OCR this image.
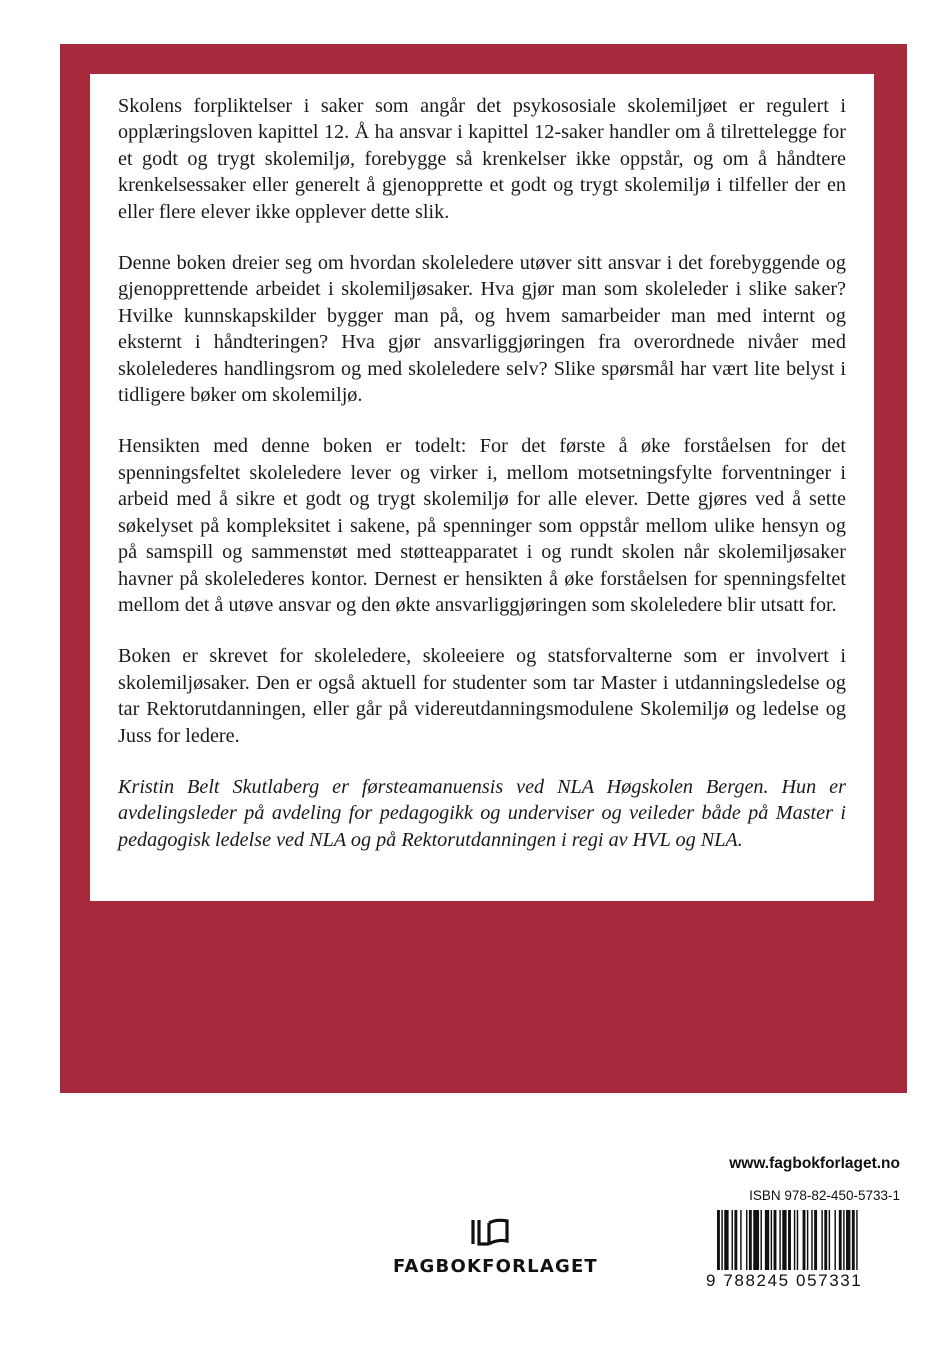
Skolens forpliktelser i saker som angår det psykososiale skolemiljøet er regulert i opplæringsloven kapittel 12. Å ha ansvar i kapittel 12-saker handler om å tilrettelegge for et godt og trygt skolemiljø, forebygge så krenkelser ikke oppstår, og om å håndtere krenkelsessaker eller generelt å gjenopprette et godt og trygt skolemiljø i tilfeller der en eller flere elever ikke opplever dette slik.

Denne boken dreier seg om hvordan skoleledere utøver sitt ansvar i det forebyggende og gjenopprettende arbeidet i skolemiljøsaker. Hva gjør man som skoleleder i slike saker? Hvilke kunnskapskilder bygger man på, og hvem samarbeider man med internt og eksternt i håndteringen? Hva gjør ansvarliggjøringen fra overordnede nivåer med skolelederes handlingsrom og med skoleledere selv? Slike spørsmål har vært lite belyst i tidligere bøker om skolemiljø.

Hensikten med denne boken er todelt: For det første å øke forståelsen for det spenningsfeltet skoleledere lever og virker i, mellom motsetningsfylte forventninger i arbeid med å sikre et godt og trygt skolemiljø for alle elever. Dette gjøres ved å sette søkelyset på kompleksitet i sakene, på spenninger som oppstår mellom ulike hensyn og på samspill og sammenstøt med støtteapparatet i og rundt skolen når skolemiljøsaker havner på skolelederes kontor. Dernest er hensikten å øke forståelsen for spenningsfeltet mellom det å utøve ansvar og den økte ansvarliggjøringen som skoleledere blir utsatt for.

Boken er skrevet for skoleledere, skoleeiere og statsforvalterne som er involvert i skolemiljøsaker. Den er også aktuell for studenter som tar Master i utdanningsledelse og tar Rektorutdanningen, eller går på videreutdanningsmodulene Skolemiljø og ledelse og Juss for ledere.

Kristin Belt Skutlaberg er førsteamanuensis ved NLA Høgskolen Bergen. Hun er avdelingsleder på avdeling for pedagogikk og underviser og veileder både på Master i pedagogisk ledelse ved NLA og på Rektorutdanningen i regi av HVL og NLA.

www.fagbokforlaget.no
ISBN 978-82-450-5733-1
9 788245 057331
FAGBOKFORLAGET
